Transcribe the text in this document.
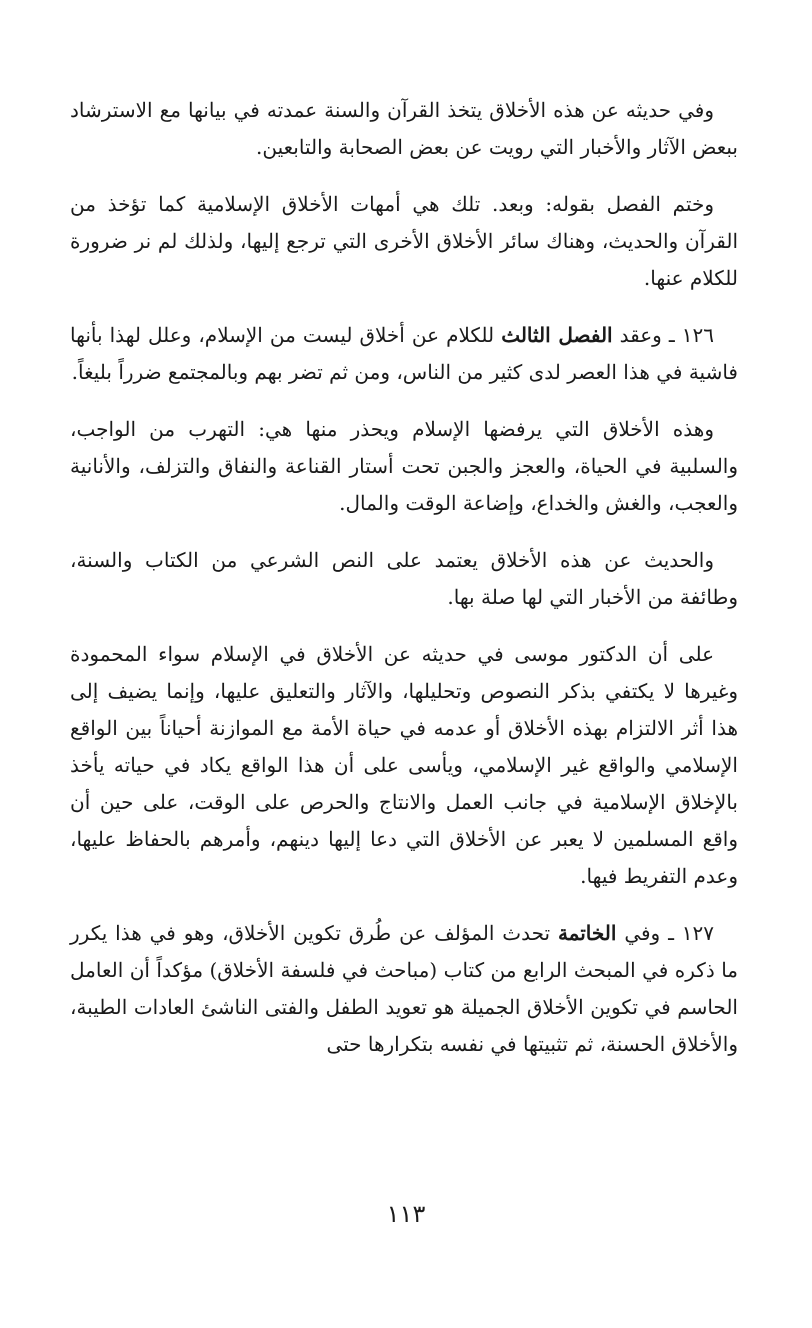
وفي حديثه عن هذه الأخلاق يتخذ القرآن والسنة عمدته في بيانها مع الاسترشاد ببعض الآثار والأخبار التي رويت عن بعض الصحابة والتابعين.

وختم الفصل بقوله: وبعد. تلك هي أمهات الأخلاق الإسلامية كما تؤخذ من القرآن والحديث، وهناك سائر الأخلاق الأخرى التي ترجع إليها، ولذلك لم نر ضرورة للكلام عنها.

١٢٦ ـ وعقد الفصل الثالث للكلام عن أخلاق ليست من الإسلام، وعلل لهذا بأنها فاشية في هذا العصر لدى كثير من الناس، ومن ثم تضر بهم وبالمجتمع ضرراً بليغاً.

وهذه الأخلاق التي يرفضها الإسلام ويحذر منها هي: التهرب من الواجب، والسلبية في الحياة، والعجز والجبن تحت أستار القناعة والنفاق والتزلف، والأنانية والعجب، والغش والخداع، وإضاعة الوقت والمال.

والحديث عن هذه الأخلاق يعتمد على النص الشرعي من الكتاب والسنة، وطائفة من الأخبار التي لها صلة بها.

على أن الدكتور موسى في حديثه عن الأخلاق في الإسلام سواء المحمودة وغيرها لا يكتفي بذكر النصوص وتحليلها، والآثار والتعليق عليها، وإنما يضيف إلى هذا أثر الالتزام بهذه الأخلاق أو عدمه في حياة الأمة مع الموازنة أحياناً بين الواقع الإسلامي والواقع غير الإسلامي، ويأسى على أن هذا الواقع يكاد في حياته يأخذ بالإخلاق الإسلامية في جانب العمل والانتاج والحرص على الوقت، على حين أن واقع المسلمين لا يعبر عن الأخلاق التي دعا إليها دينهم، وأمرهم بالحفاظ عليها، وعدم التفريط فيها.

١٢٧ ـ وفي الخاتمة تحدث المؤلف عن طُرق تكوين الأخلاق، وهو في هذا يكرر ما ذكره في المبحث الرابع من كتاب (مباحث في فلسفة الأخلاق) مؤكداً أن العامل الحاسم في تكوين الأخلاق الجميلة هو تعويد الطفل والفتى الناشئ العادات الطيبة، والأخلاق الحسنة، ثم تثبيتها في نفسه بتكرارها حتى

١١٣
